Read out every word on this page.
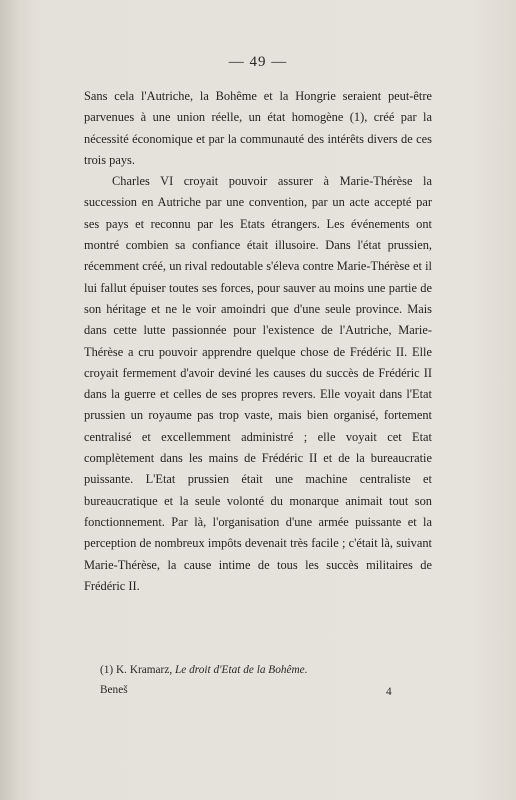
— 49 —

Sans cela l'Autriche, la Bohême et la Hongrie seraient peut-être parvenues à une union réelle, un état homogène (1), créé par la nécessité économique et par la communauté des intérêts divers de ces trois pays.

Charles VI croyait pouvoir assurer à Marie-Thérèse la succession en Autriche par une convention, par un acte accepté par ses pays et reconnu par les Etats étrangers. Les événements ont montré combien sa confiance était illusoire. Dans l'état prussien, récemment créé, un rival redoutable s'éleva contre Marie-Thérèse et il lui fallut épuiser toutes ses forces, pour sauver au moins une partie de son héritage et ne le voir amoindri que d'une seule province. Mais dans cette lutte passionnée pour l'existence de l'Autriche, Marie-Thérèse a cru pouvoir apprendre quelque chose de Frédéric II. Elle croyait fermement d'avoir deviné les causes du succès de Frédéric II dans la guerre et celles de ses propres revers. Elle voyait dans l'Etat prussien un royaume pas trop vaste, mais bien organisé, fortement centralisé et excellemment administré ; elle voyait cet Etat complètement dans les mains de Frédéric II et de la bureaucratie puissante. L'Etat prussien était une machine centraliste et bureaucratique et la seule volonté du monarque animait tout son fonctionnement. Par là, l'organisation d'une armée puissante et la perception de nombreux impôts devenait très facile ; c'était là, suivant Marie-Thérèse, la cause intime de tous les succès militaires de Frédéric II.

(1) K. Kramarz, Le droit d'Etat de la Bohême.
Beneš	4
